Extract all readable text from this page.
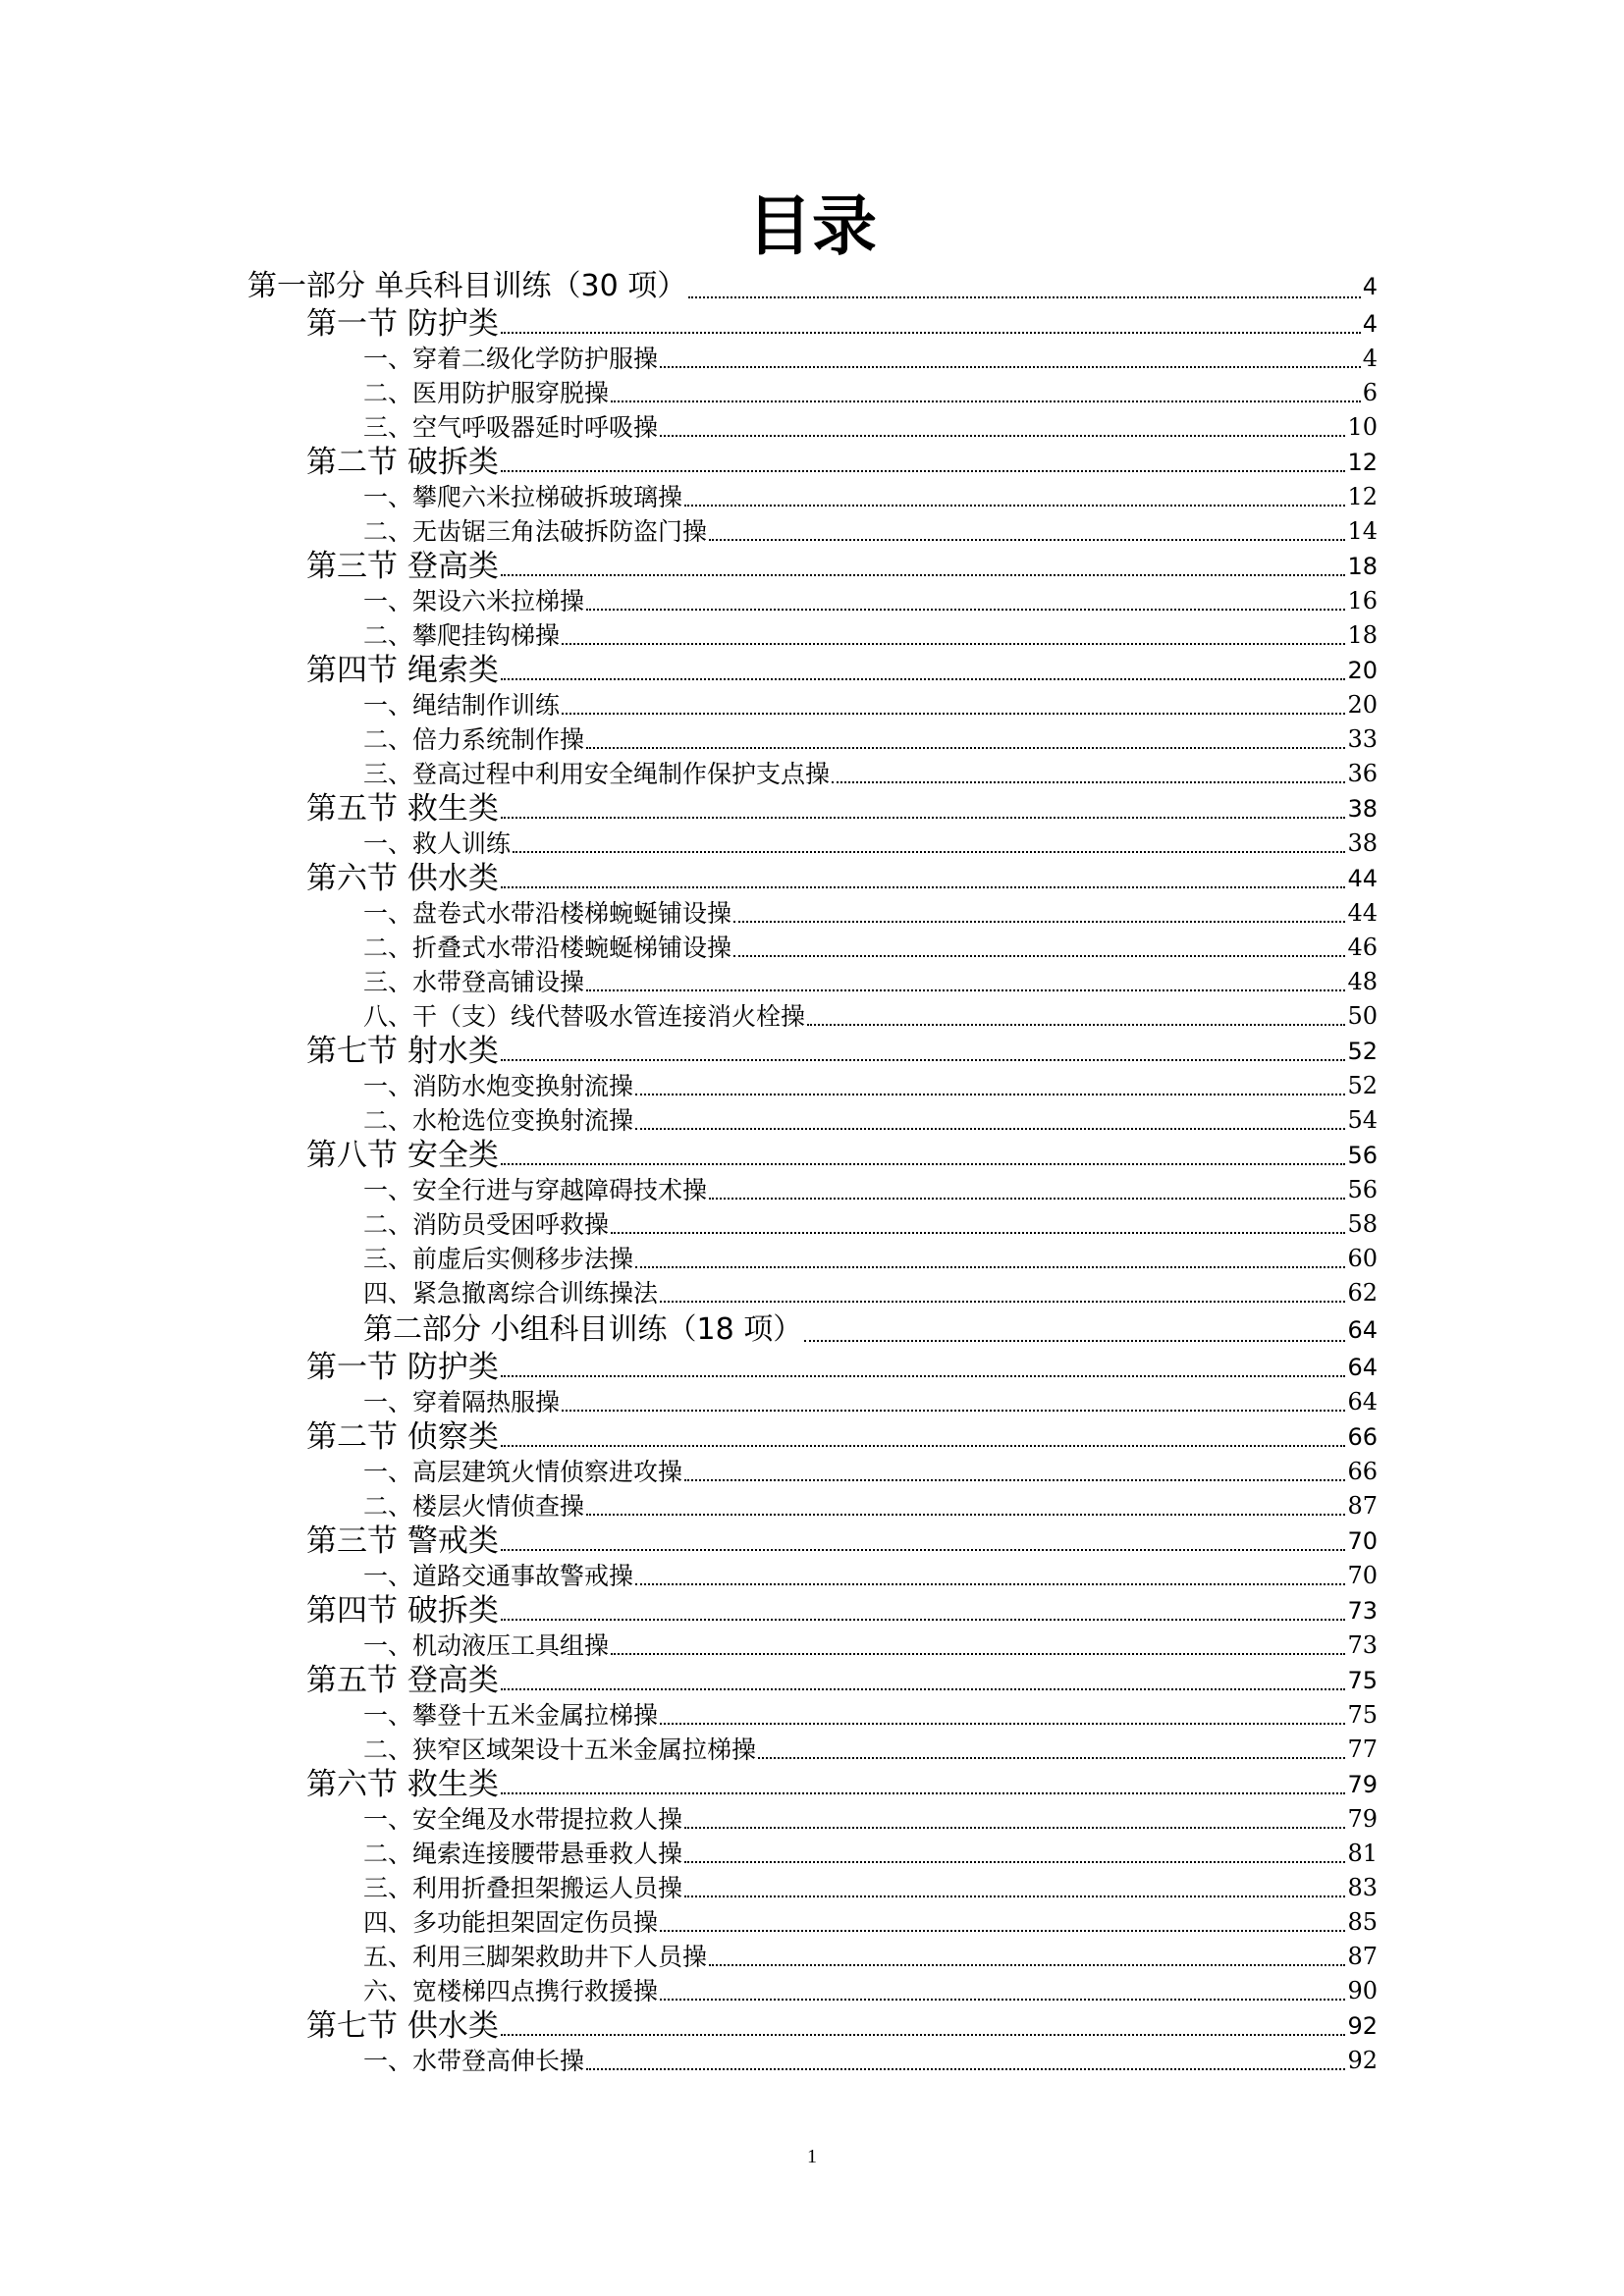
目录
第一部分 单兵科目训练（30 项）	4
第一节 防护类	4
一、穿着二级化学防护服操	4
二、医用防护服穿脱操	6
三、空气呼吸器延时呼吸操	10
第二节 破拆类	12
一、攀爬六米拉梯破拆玻璃操	12
二、无齿锯三角法破拆防盗门操	14
第三节 登高类	18
一、架设六米拉梯操	16
二、攀爬挂钩梯操	18
第四节 绳索类	20
一、绳结制作训练	20
二、倍力系统制作操	33
三、登高过程中利用安全绳制作保护支点操	36
第五节 救生类	38
一、救人训练	38
第六节 供水类	44
一、盘卷式水带沿楼梯蜿蜒铺设操	44
二、折叠式水带沿楼蜿蜒梯铺设操	46
三、水带登高铺设操	48
八、干（支）线代替吸水管连接消火栓操	50
第七节 射水类	52
一、消防水炮变换射流操	52
二、水枪选位变换射流操	54
第八节 安全类	56
一、安全行进与穿越障碍技术操	56
二、消防员受困呼救操	58
三、前虚后实侧移步法操	60
四、紧急撤离综合训练操法	62
第二部分 小组科目训练（18 项）	64
第一节 防护类	64
一、穿着隔热服操	64
第二节 侦察类	66
一、高层建筑火情侦察进攻操	66
二、楼层火情侦查操	87
第三节 警戒类	70
一、道路交通事故警戒操	70
第四节 破拆类	73
一、机动液压工具组操	73
第五节 登高类	75
一、攀登十五米金属拉梯操	75
二、狭窄区域架设十五米金属拉梯操	77
第六节 救生类	79
一、安全绳及水带提拉救人操	79
二、绳索连接腰带悬垂救人操	81
三、利用折叠担架搬运人员操	83
四、多功能担架固定伤员操	85
五、利用三脚架救助井下人员操	87
六、宽楼梯四点携行救援操	90
第七节 供水类	92
一、水带登高伸长操	92
1
